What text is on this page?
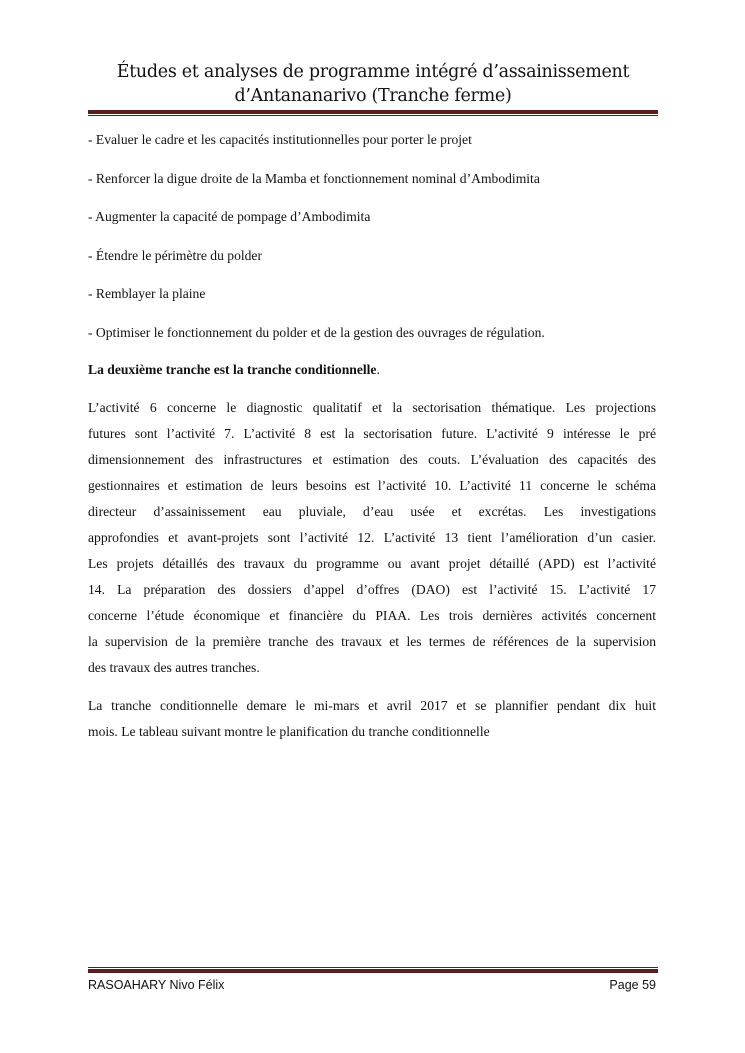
Études et analyses de programme intégré d’assainissement
d’Antananarivo (Tranche ferme)
- Evaluer le cadre et les capacités institutionnelles pour porter le projet
- Renforcer la digue droite de la Mamba et fonctionnement nominal d’Ambodimita
- Augmenter la capacité de pompage d’Ambodimita
- Étendre le périmètre du polder
- Remblayer la plaine
- Optimiser le fonctionnement du polder et de la gestion des ouvrages de régulation.
La deuxième tranche est la tranche conditionnelle.
L’activité 6 concerne le diagnostic qualitatif et la sectorisation thématique. Les projections
futures sont l’activité 7. L’activité 8 est la sectorisation future. L’activité 9 intéresse le pré
dimensionnement des infrastructures et estimation des couts. L’évaluation des capacités des
gestionnaires et estimation de leurs besoins est l’activité 10. L’activité 11 concerne le schéma
directeur d’assainissement eau pluviale, d’eau usée et excrétas. Les investigations
approfondies et avant-projets sont l’activité 12. L’activité 13 tient l’amélioration d’un casier.
Les projets détaillés des travaux du programme ou avant projet détaillé (APD) est l’activité
14. La préparation des dossiers d’appel d’offres (DAO) est l’activité 15. L’activité 17
concerne l’étude économique et financière du PIAA. Les trois dernières activités concernent
la supervision de la première tranche des travaux et les termes de références de la supervision
des travaux des autres tranches.
La tranche conditionnelle demare le mi-mars et avril 2017 et se plannifier pendant dix huit
mois. Le tableau suivant montre le planification du tranche conditionnelle
RASOAHARY Nivo Félix	Page 59
